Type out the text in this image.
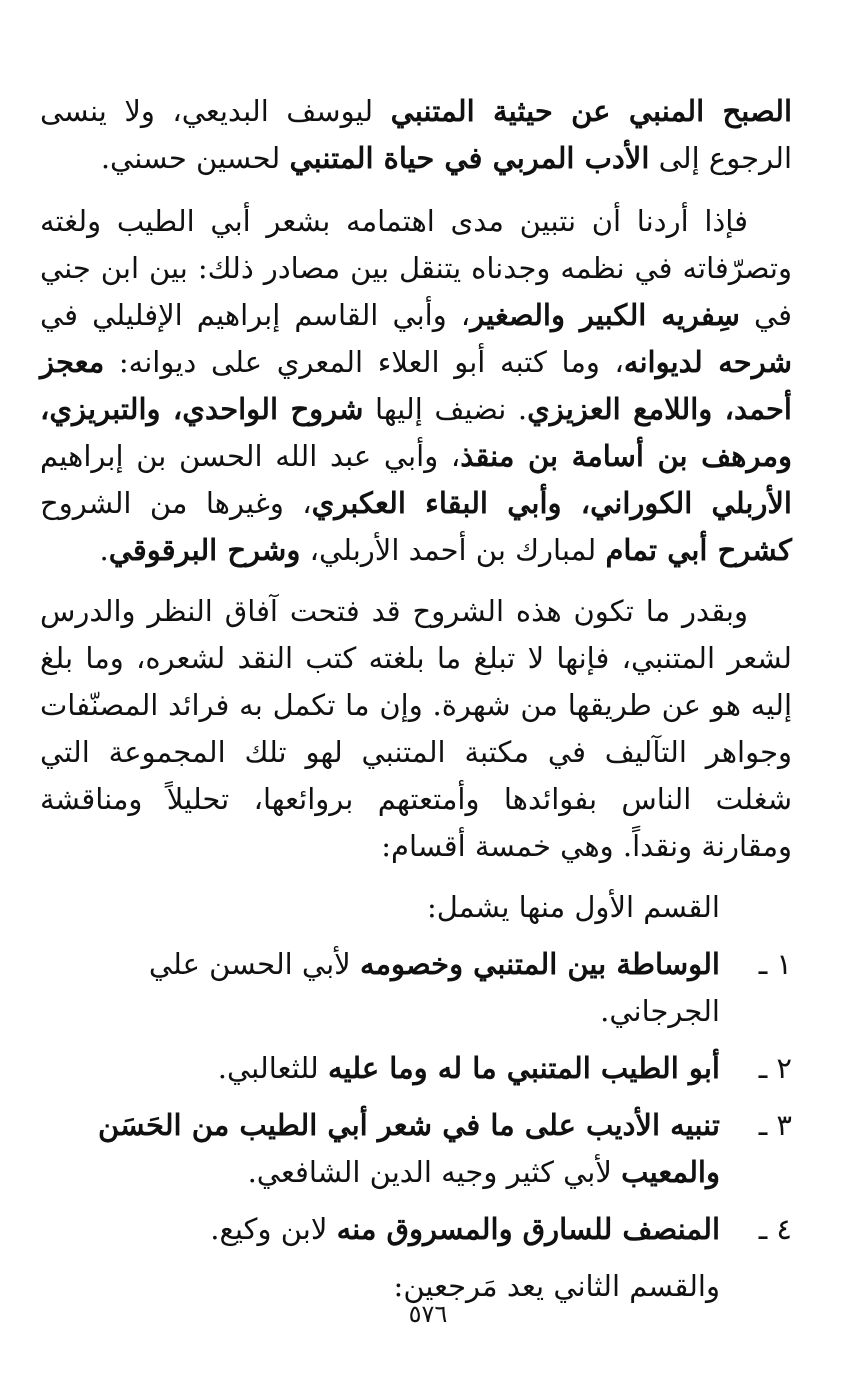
الصبح المنبي عن حيثية المتنبي ليوسف البديعي، ولا ينسى الرجوع إلى الأدب المربي في حياة المتنبي لحسين حسني.

فإذا أردنا أن نتبين مدى اهتمامه بشعر أبي الطيب ولغته وتصرّفاته في نظمه وجدناه يتنقل بين مصادر ذلك: بين ابن جني في سِفريه الكبير والصغير، وأبي القاسم إبراهيم الإفليلي في شرحه لديوانه، وما كتبه أبو العلاء المعري على ديوانه: معجز أحمد، واللامع العزيزي. نضيف إليها شروح الواحدي، والتبريزي، ومرهف بن أسامة بن منقذ، وأبي عبد الله الحسن بن إبراهيم الأربلي الكوراني، وأبي البقاء العكبري، وغيرها من الشروح كشرح أبي تمام لمبارك بن أحمد الأربلي، وشرح البرقوقي.

وبقدر ما تكون هذه الشروح قد فتحت آفاق النظر والدرس لشعر المتنبي، فإنها لا تبلغ ما بلغته كتب النقد لشعره، وما بلغ إليه هو عن طريقها من شهرة. وإن ما تكمل به فرائد المصنّفات وجواهر التآليف في مكتبة المتنبي لهو تلك المجموعة التي شغلت الناس بفوائدها وأمتعتهم بروائعها، تحليلاً ومناقشة ومقارنة ونقداً. وهي خمسة أقسام:

القسم الأول منها يشمل:
١ ـ
الوساطة بين المتنبي وخصومه لأبي الحسن علي الجرجاني.
٢ ـ
أبو الطيب المتنبي ما له وما عليه للثعالبي.
٣ ـ
تنبيه الأديب على ما في شعر أبي الطيب من الحَسَن والمعيب لأبي كثير وجيه الدين الشافعي.
٤ ـ
المنصف للسارق والمسروق منه لابن وكيع.
والقسم الثاني يعد مَرجعين:
٥٧٦
